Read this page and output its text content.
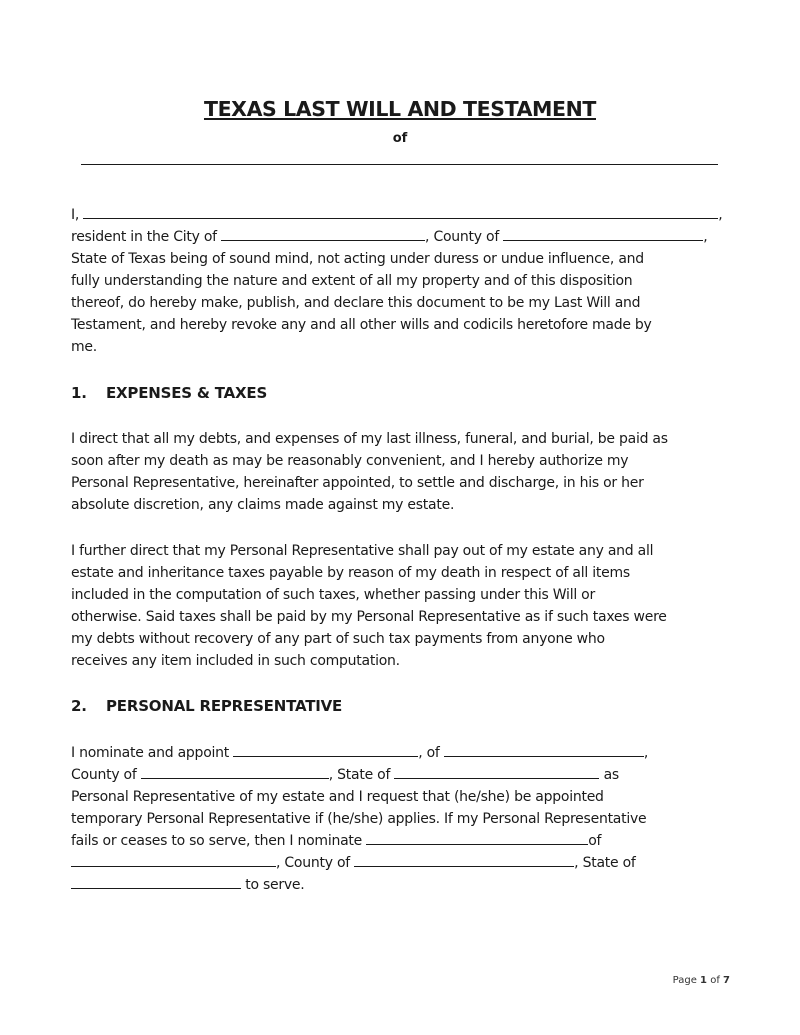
TEXAS LAST WILL AND TESTAMENT
of

I,	,

resident in the City of	, County of	,

State of Texas being of sound mind, not acting under duress or undue influence, and

fully understanding the nature and extent of all my property and of this disposition

thereof, do hereby make, publish, and declare this document to be my Last Will and

Testament, and hereby revoke any and all other wills and codicils heretofore made by

me.

1. EXPENSES & TAXES

I direct that all my debts, and expenses of my last illness, funeral, and burial, be paid as

soon after my death as may be reasonably convenient, and I hereby authorize my

Personal Representative, hereinafter appointed, to settle and discharge, in his or her

absolute discretion, any claims made against my estate.

I further direct that my Personal Representative shall pay out of my estate any and all

estate and inheritance taxes payable by reason of my death in respect of all items

included in the computation of such taxes, whether passing under this Will or

otherwise. Said taxes shall be paid by my Personal Representative as if such taxes were

my debts without recovery of any part of such tax payments from anyone who

receives any item included in such computation.

2. PERSONAL REPRESENTATIVE

I nominate and appoint	, of	,

County of	, State of	as

Personal Representative of my estate and I request that (he/she) be appointed

temporary Personal Representative if (he/she) applies. If my Personal Representative

fails or ceases to so serve, then I nominate	of

, County of	, State of

to serve.

Page 1 of 7
